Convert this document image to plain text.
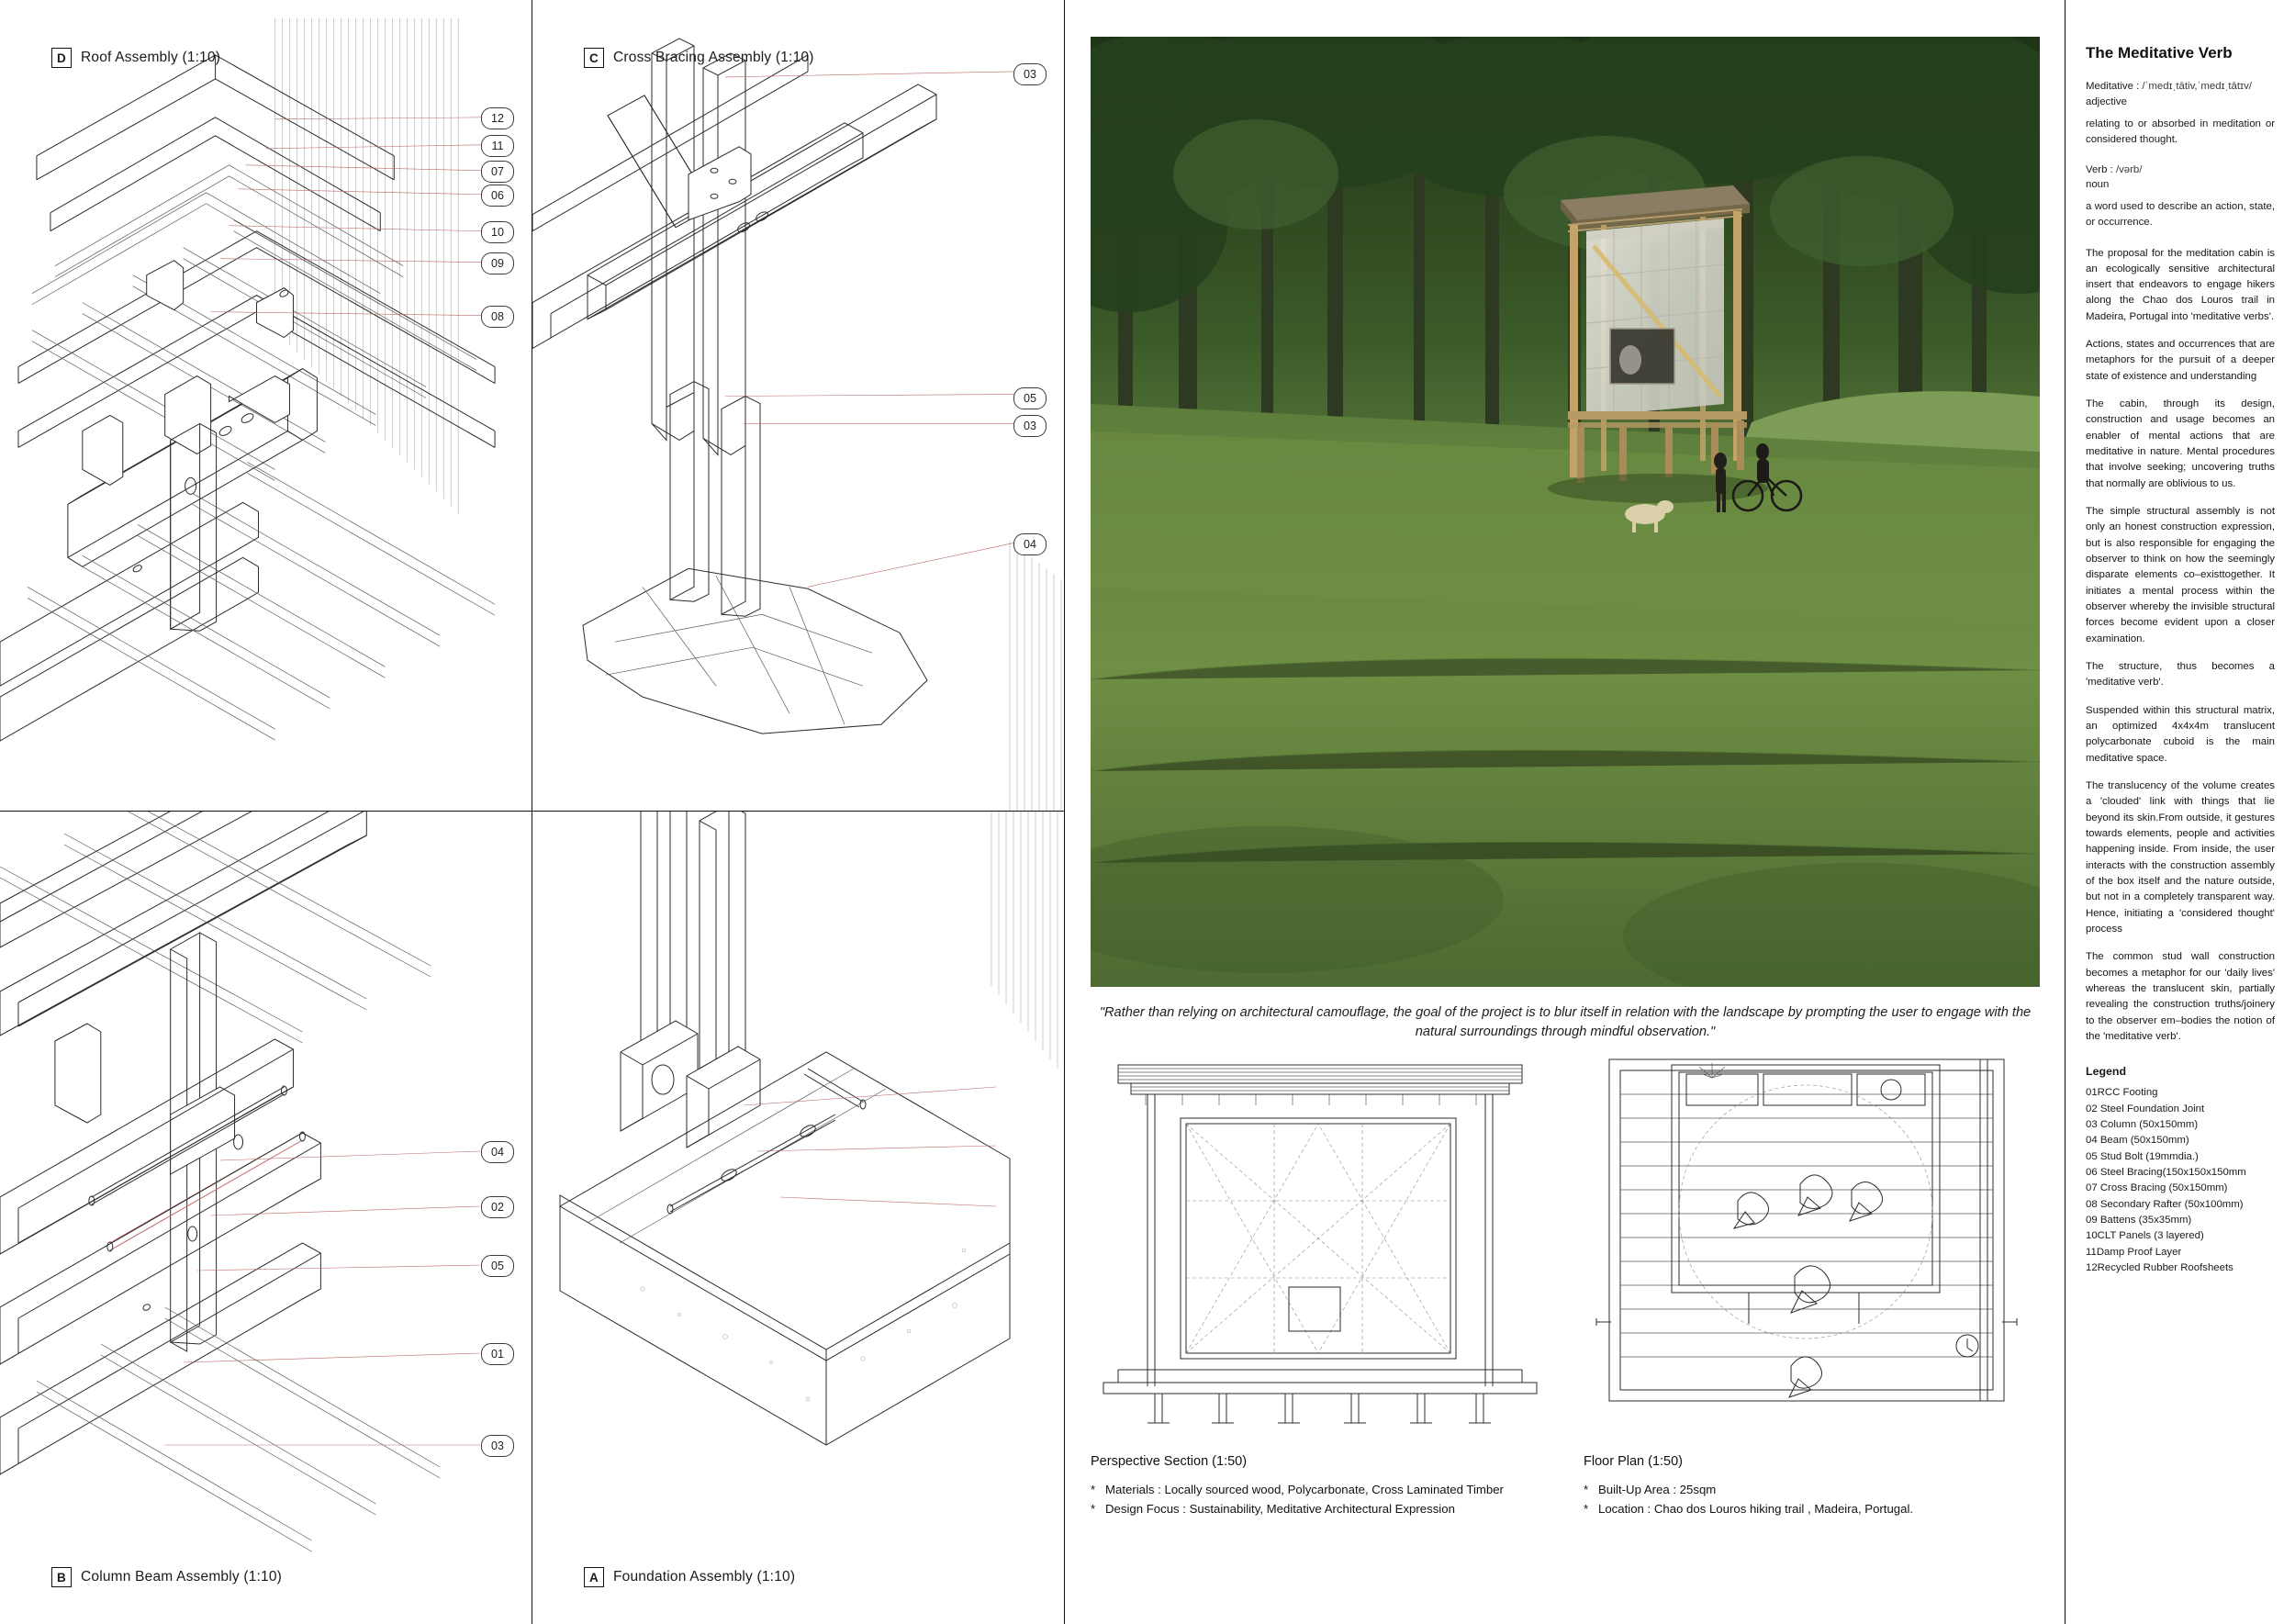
D	Roof Assembly (1:10)
12
11
07
06
10
09
08
C	Cross Bracing Assembly (1:10)
03
05
03
04
B	Column Beam Assembly (1:10)
04
02
05
01
03
A	Foundation Assembly (1:10)
"Rather than relying on architectural camouflage, the goal of the project is to blur itself in relation with the landscape by prompting the user to engage with the natural surroundings through mindful observation."
Perspective Section (1:50)
* Materials : Locally sourced wood, Polycarbonate, Cross Laminated Timber
* Design Focus : Sustainability, Meditative Architectural Expression
Floor Plan (1:50)
* Built-Up Area : 25sqm
* Location : Chao dos Louros hiking trail , Madeira, Portugal.
The Meditative Verb
Meditative : /ˈmedɪˌtātiv,ˈmedɪˌtātɪv/
adjective
relating to or absorbed in meditation or considered thought.
Verb : /vərb/
noun
a word used to describe an action, state, or occurrence.
The proposal for the meditation cabin is an ecologically sensitive architectural insert that endeavors to engage hikers along the Chao dos Louros trail in Madeira, Portugal into 'meditative verbs'.
Actions, states and occurrences that are metaphors for the pursuit of a deeper state of existence and understanding
The cabin, through its design, construction and usage becomes an enabler of mental actions that are meditative in nature. Mental procedures that involve seeking; uncovering truths that normally are oblivious to us.
The simple structural assembly is not only an honest construction expression, but is also responsible for engaging the observer to think on how the seemingly disparate elements co–existtogether. It initiates a mental process within the observer whereby the invisible structural forces become evident upon a closer examination.
The structure, thus becomes a 'meditative verb'.
Suspended within this structural matrix, an optimized 4x4x4m translucent polycarbonate cuboid is the main meditative space.
The translucency of the volume creates a 'clouded' link with things that lie beyond its skin.From outside, it gestures towards elements, people and activities happening inside. From inside, the user interacts with the construction assembly of the box itself and the nature outside, but not in a completely transparent way. Hence, initiating a 'considered thought' process
The common stud wall construction becomes a metaphor for our 'daily lives' whereas the translucent skin, partially revealing the construction truths/joinery to the observer em–bodies the notion of the 'meditative verb'.
Legend
01RCC Footing
02 Steel Foundation Joint
03 Column (50x150mm)
04 Beam (50x150mm)
05 Stud Bolt (19mmdia.)
06 Steel Bracing(150x150x150mm
07 Cross Bracing (50x150mm)
08 Secondary Rafter (50x100mm)
09 Battens (35x35mm)
10CLT Panels (3 layered)
11Damp Proof Layer
12Recycled Rubber Roofsheets
